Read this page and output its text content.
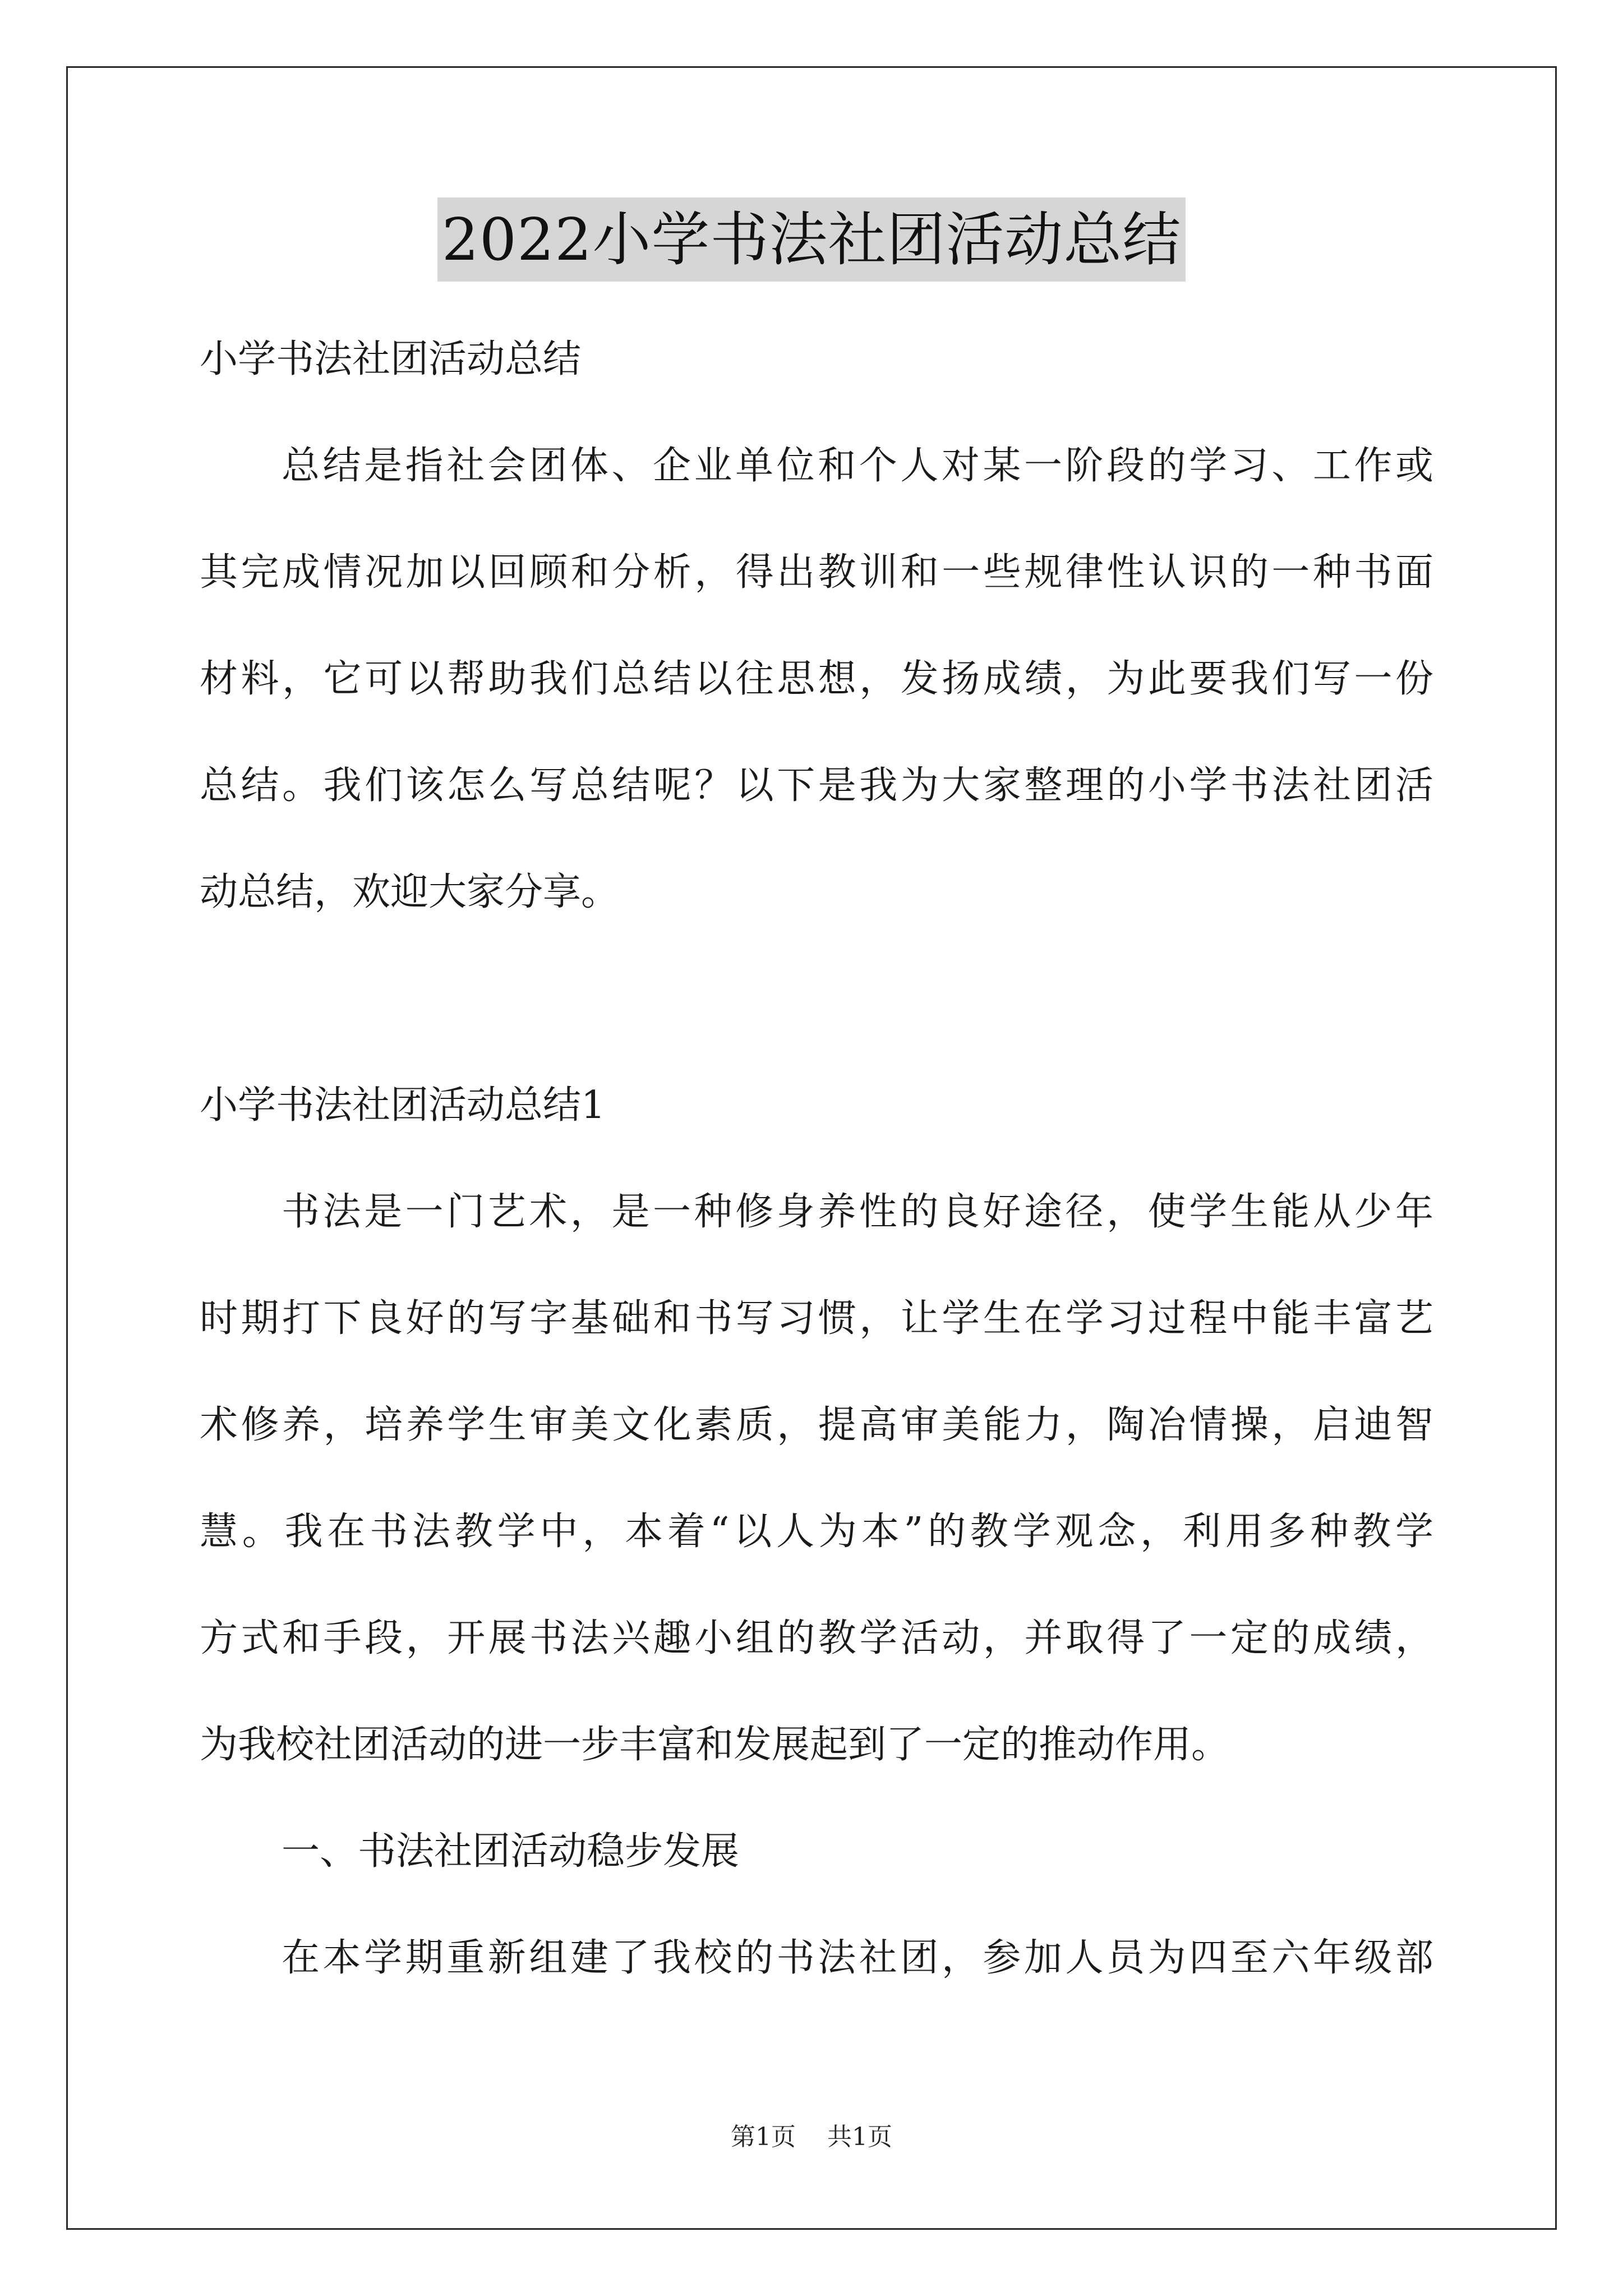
2022小学书法社团活动总结
小学书法社团活动总结
总结是指社会团体、企业单位和个人对某一阶段的学习、工作或
其完成情况加以回顾和分析，得出教训和一些规律性认识的一种书面
材料，它可以帮助我们总结以往思想，发扬成绩，为此要我们写一份
总结。我们该怎么写总结呢？以下是我为大家整理的小学书法社团活
动总结，欢迎大家分享。
小学书法社团活动总结1
书法是一门艺术，是一种修身养性的良好途径，使学生能从少年
时期打下良好的写字基础和书写习惯，让学生在学习过程中能丰富艺
术修养，培养学生审美文化素质，提高审美能力，陶冶情操，启迪智
慧。我在书法教学中，本着“以人为本”的教学观念，利用多种教学
方式和手段，开展书法兴趣小组的教学活动，并取得了一定的成绩，
为我校社团活动的进一步丰富和发展起到了一定的推动作用。
一、书法社团活动稳步发展
在本学期重新组建了我校的书法社团，参加人员为四至六年级部
第1页 共1页
